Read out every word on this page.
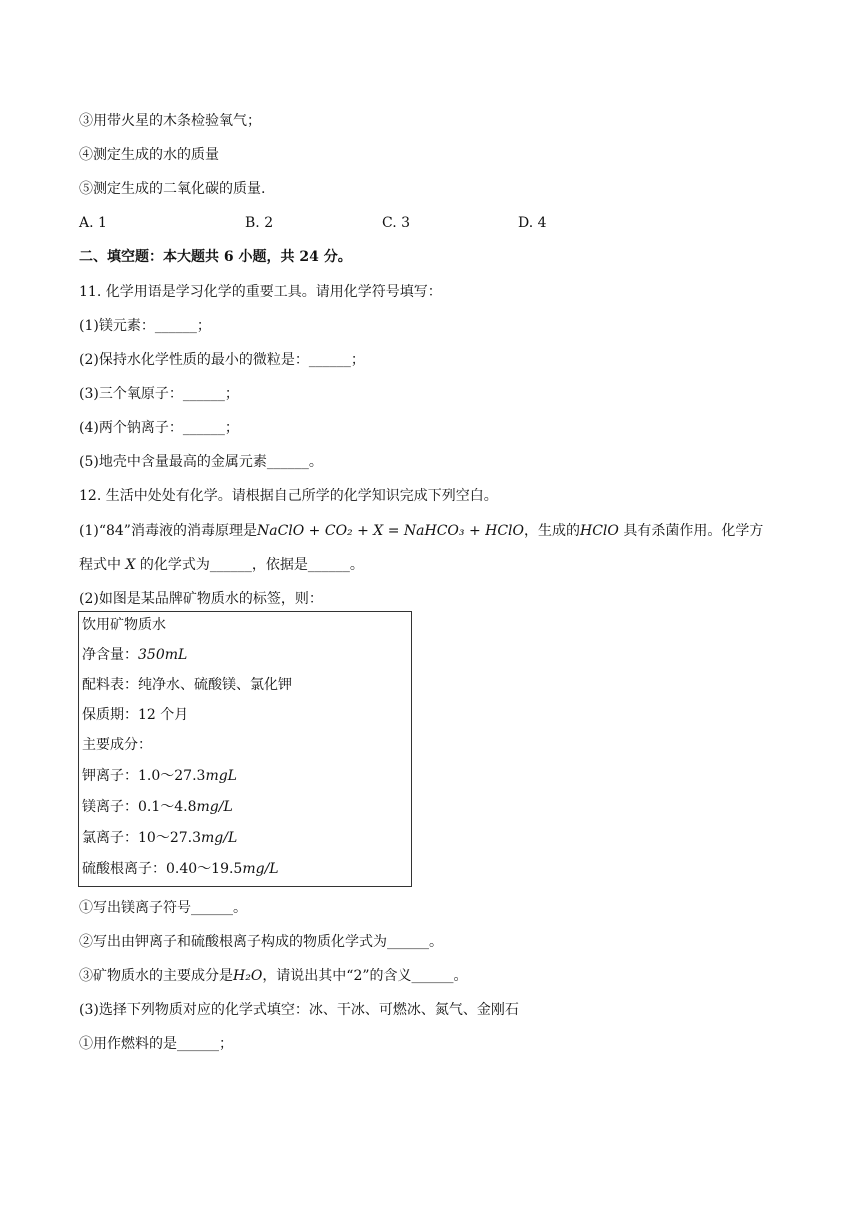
③用带火星的木条检验氧气；
④测定生成的水的质量
⑤测定生成的二氧化碳的质量.
A. 1	B. 2	C. 3	D. 4
二、填空题：本大题共 6 小题，共 24 分。
11. 化学用语是学习化学的重要工具。请用化学符号填写：
(1)镁元素：______；
(2)保持水化学性质的最小的微粒是：______；
(3)三个氧原子：______；
(4)两个钠离子：______；
(5)地壳中含量最高的金属元素______。
12. 生活中处处有化学。请根据自己所学的化学知识完成下列空白。
(1)“84”消毒液的消毒原理是NaClO + CO₂ + X = NaHCO₃ + HClO，生成的HClO 具有杀菌作用。化学方
程式中 X 的化学式为______，依据是______。
(2)如图是某品牌矿物质水的标签，则：
饮用矿物质水
净含量：350mL
配料表：纯净水、硫酸镁、氯化钾
保质期：12 个月
主要成分：
钾离子：1.0～27.3mgL
镁离子：0.1～4.8mg/L
氯离子：10～27.3mg/L
硫酸根离子：0.40～19.5mg/L
①写出镁离子符号______。
②写出由钾离子和硫酸根离子构成的物质化学式为______。
③矿物质水的主要成分是H₂O，请说出其中“2”的含义______。
(3)选择下列物质对应的化学式填空：冰、干冰、可燃冰、氮气、金刚石
①用作燃料的是______；
